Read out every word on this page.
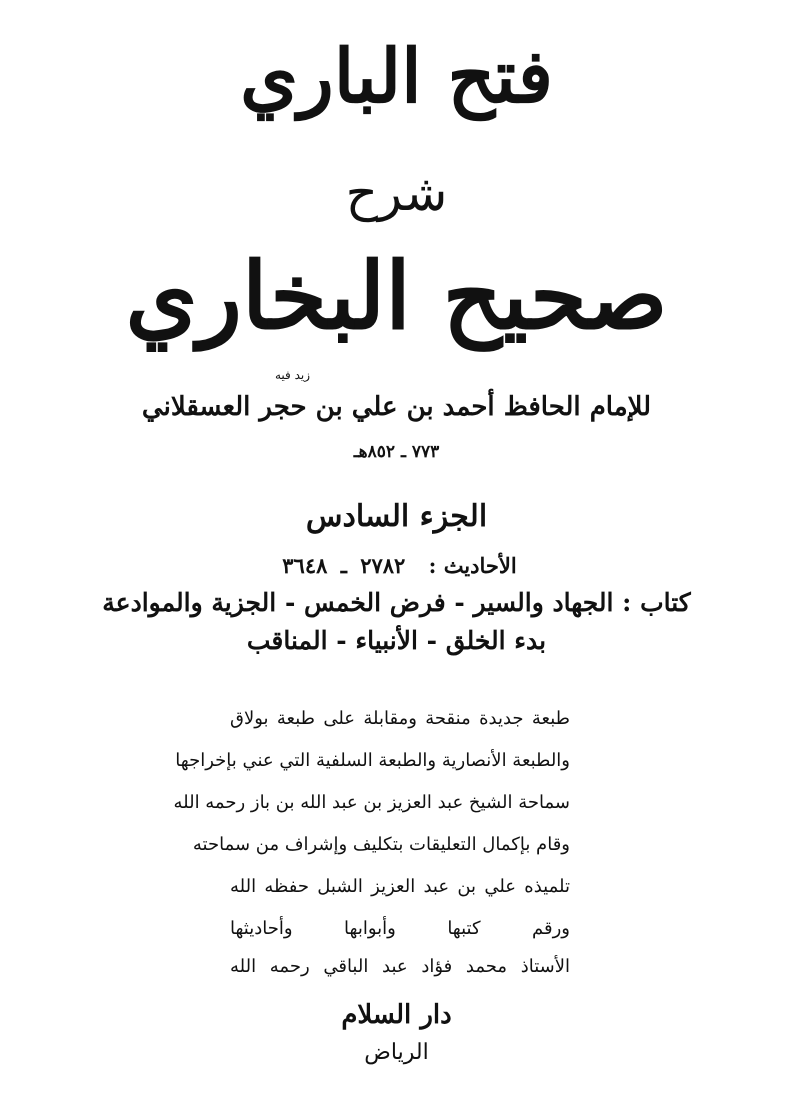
فتح الباري
شرح
صحيح البخاري
زيد فيه
للإمام الحافظ أحمد بن علي بن حجر العسقلاني
٧٧٣ ـ ٨٥٢هـ
الجزء السادس
الأحاديث : ٢٧٨٢ ـ ٣٦٤٨
كتاب : الجهاد والسير - فرض الخمس - الجزية والموادعة
بدء الخلق - الأنبياء - المناقب
طبعة جديدة منقحة ومقابلة على طبعة بولاق
والطبعة الأنصارية والطبعة السلفية التي عني بإخراجها
سماحة الشيخ عبد العزيز بن عبد الله بن باز رحمه الله
وقام بإكمال التعليقات بتكليف وإشراف من سماحته
تلميذه علي بن عبد العزيز الشبل حفظه الله
ورقم كتبها وأبوابها وأحاديثها
الأستاذ محمد فؤاد عبد الباقي رحمه الله
دار السلام
الرياض
